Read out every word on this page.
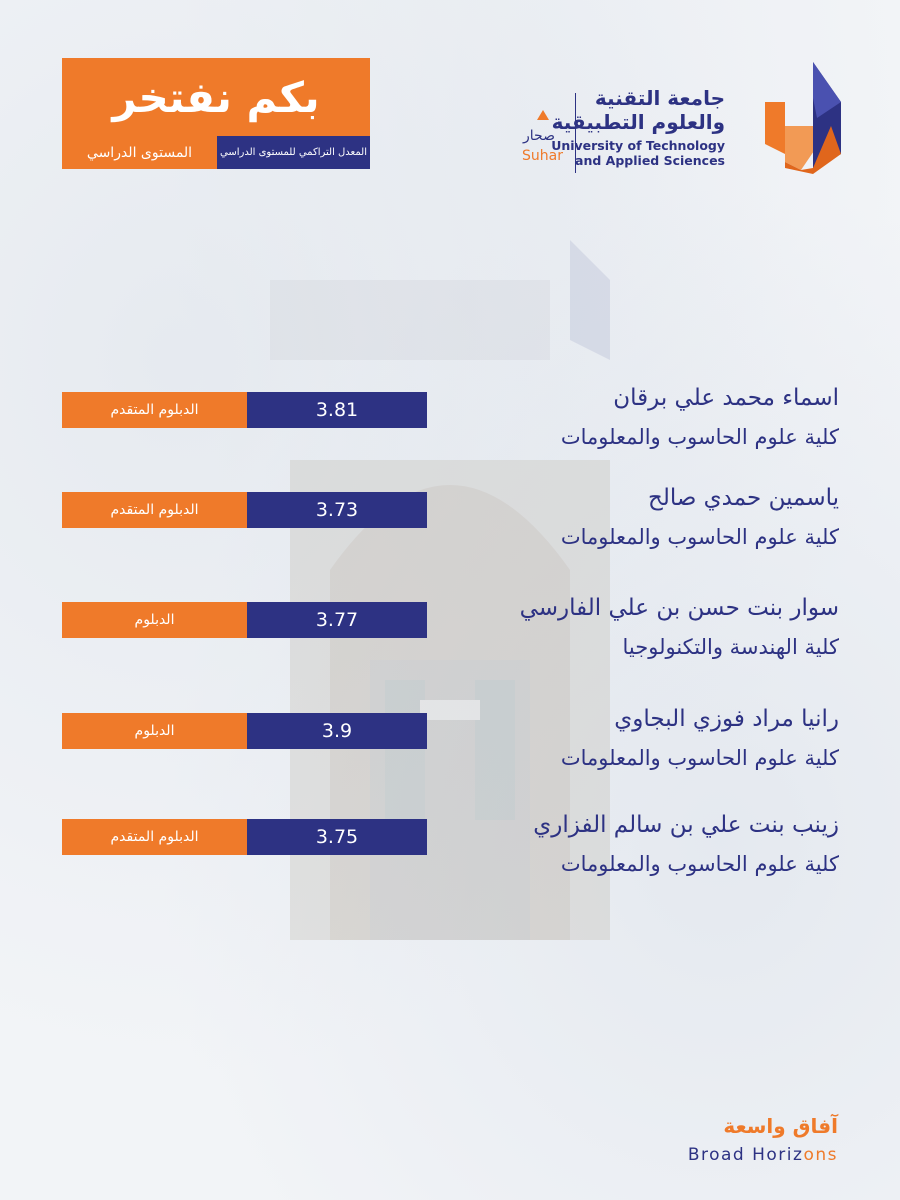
بكم نفتخر
المستوى الدراسي	المعدل التراكمي للمستوى الدراسي
صحار
Suhar
جامعة التقنية
والعلوم التطبيقية
University of Technology
and Applied Sciences
الدبلوم المتقدم	3.81	اسماء محمد علي برقان
كلية علوم الحاسوب والمعلومات
الدبلوم المتقدم	3.73	ياسمين حمدي صالح
كلية علوم الحاسوب والمعلومات
الدبلوم	3.77	سوار بنت حسن بن علي الفارسي
كلية الهندسة والتكنولوجيا
الدبلوم	3.9	رانيا مراد فوزي البجاوي
كلية علوم الحاسوب والمعلومات
الدبلوم المتقدم	3.75	زينب بنت علي بن سالم الفزاري
كلية علوم الحاسوب والمعلومات
آفاق واسعة
Broad Horizons
